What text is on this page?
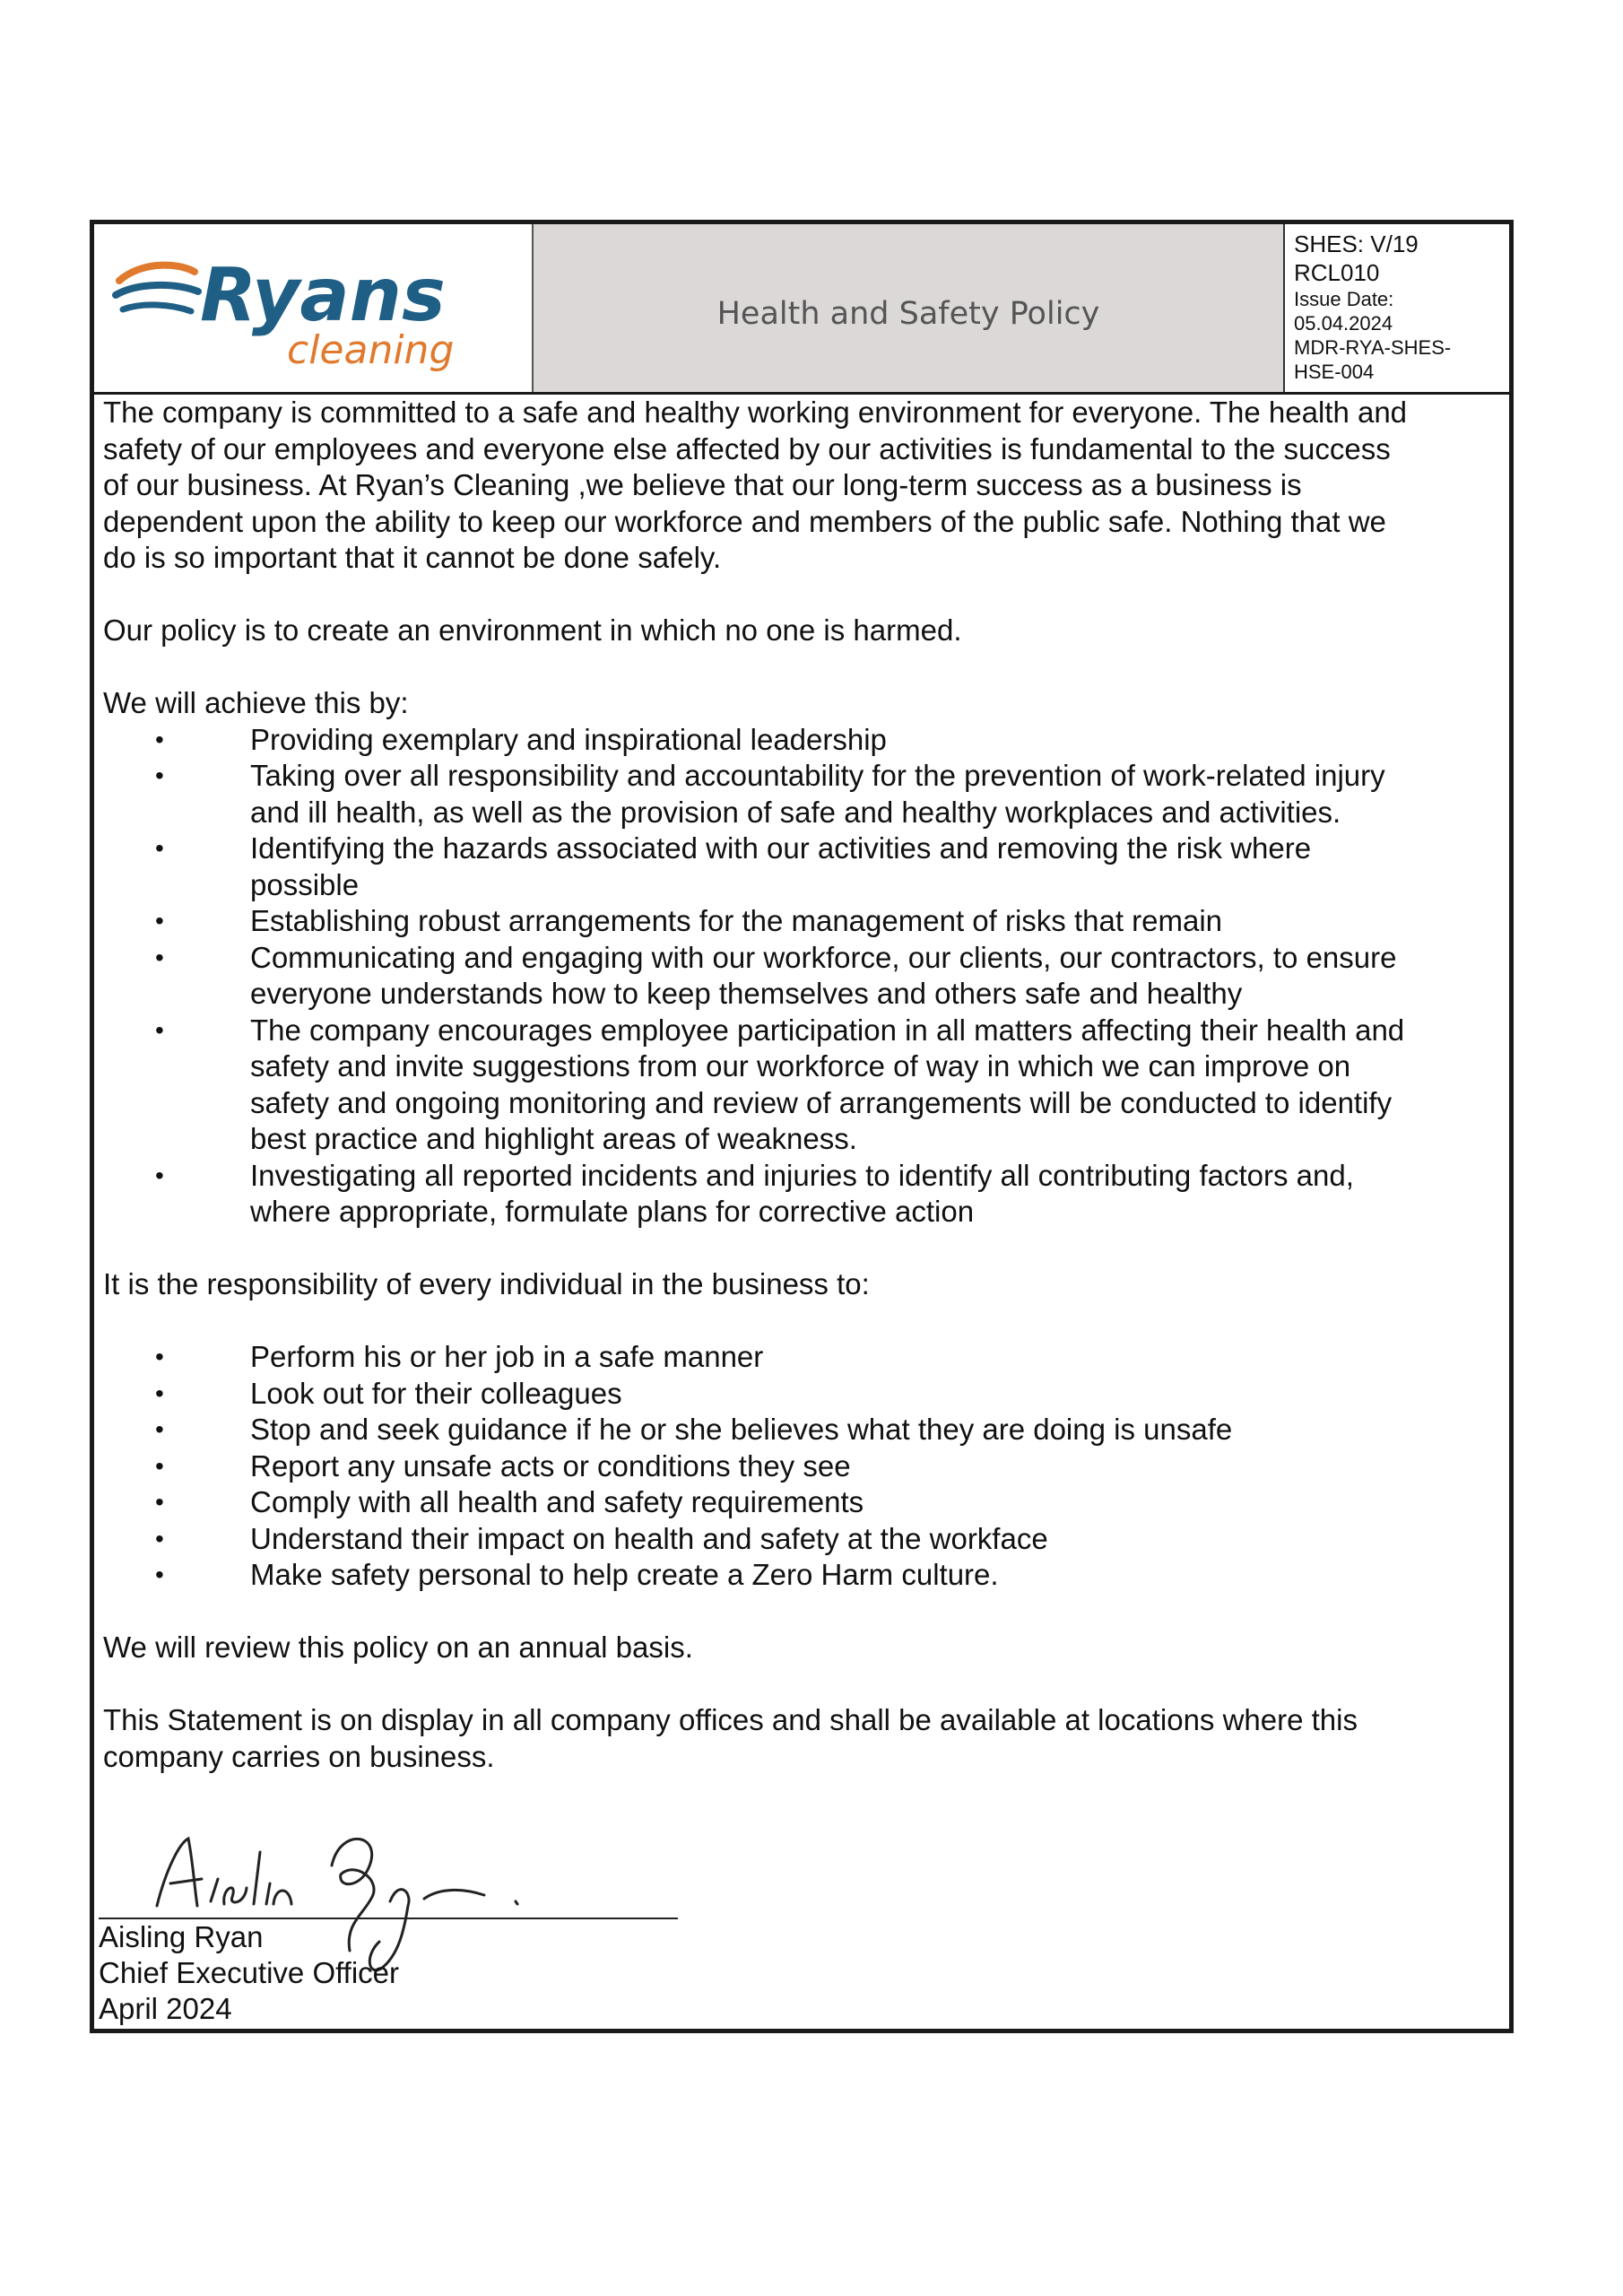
Ryans
cleaning
Health and Safety Policy
SHES: V/19
RCL010
Issue Date:
05.04.2024
MDR-RYA-SHES-
HSE-004
The company is committed to a safe and healthy working environment for everyone. The health and
safety of our employees and everyone else affected by our activities is fundamental to the success
of our business. At Ryan’s Cleaning ,we believe that our long-term success as a business is
dependent upon the ability to keep our workforce and members of the public safe. Nothing that we
do is so important that it cannot be done safely.

Our policy is to create an environment in which no one is harmed.

We will achieve this by:

•	Providing exemplary and inspirational leadership
•	Taking over all responsibility and accountability for the prevention of work-related injury
and ill health, as well as the provision of safe and healthy workplaces and activities.
•	Identifying the hazards associated with our activities and removing the risk where
possible
•	Establishing robust arrangements for the management of risks that remain
•	Communicating and engaging with our workforce, our clients, our contractors, to ensure
everyone understands how to keep themselves and others safe and healthy
•	The company encourages employee participation in all matters affecting their health and
safety and invite suggestions from our workforce of way in which we can improve on
safety and ongoing monitoring and review of arrangements will be conducted to identify
best practice and highlight areas of weakness.
•	Investigating all reported incidents and injuries to identify all contributing factors and,
where appropriate, formulate plans for corrective action

It is the responsibility of every individual in the business to:

•	Perform his or her job in a safe manner
•	Look out for their colleagues
•	Stop and seek guidance if he or she believes what they are doing is unsafe
•	Report any unsafe acts or conditions they see
•	Comply with all health and safety requirements
•	Understand their impact on health and safety at the workface
•	Make safety personal to help create a Zero Harm culture.

We will review this policy on an annual basis.

This Statement is on display in all company offices and shall be available at locations where this
company carries on business.
Aisling Ryan
Chief Executive Officer
April 2024
